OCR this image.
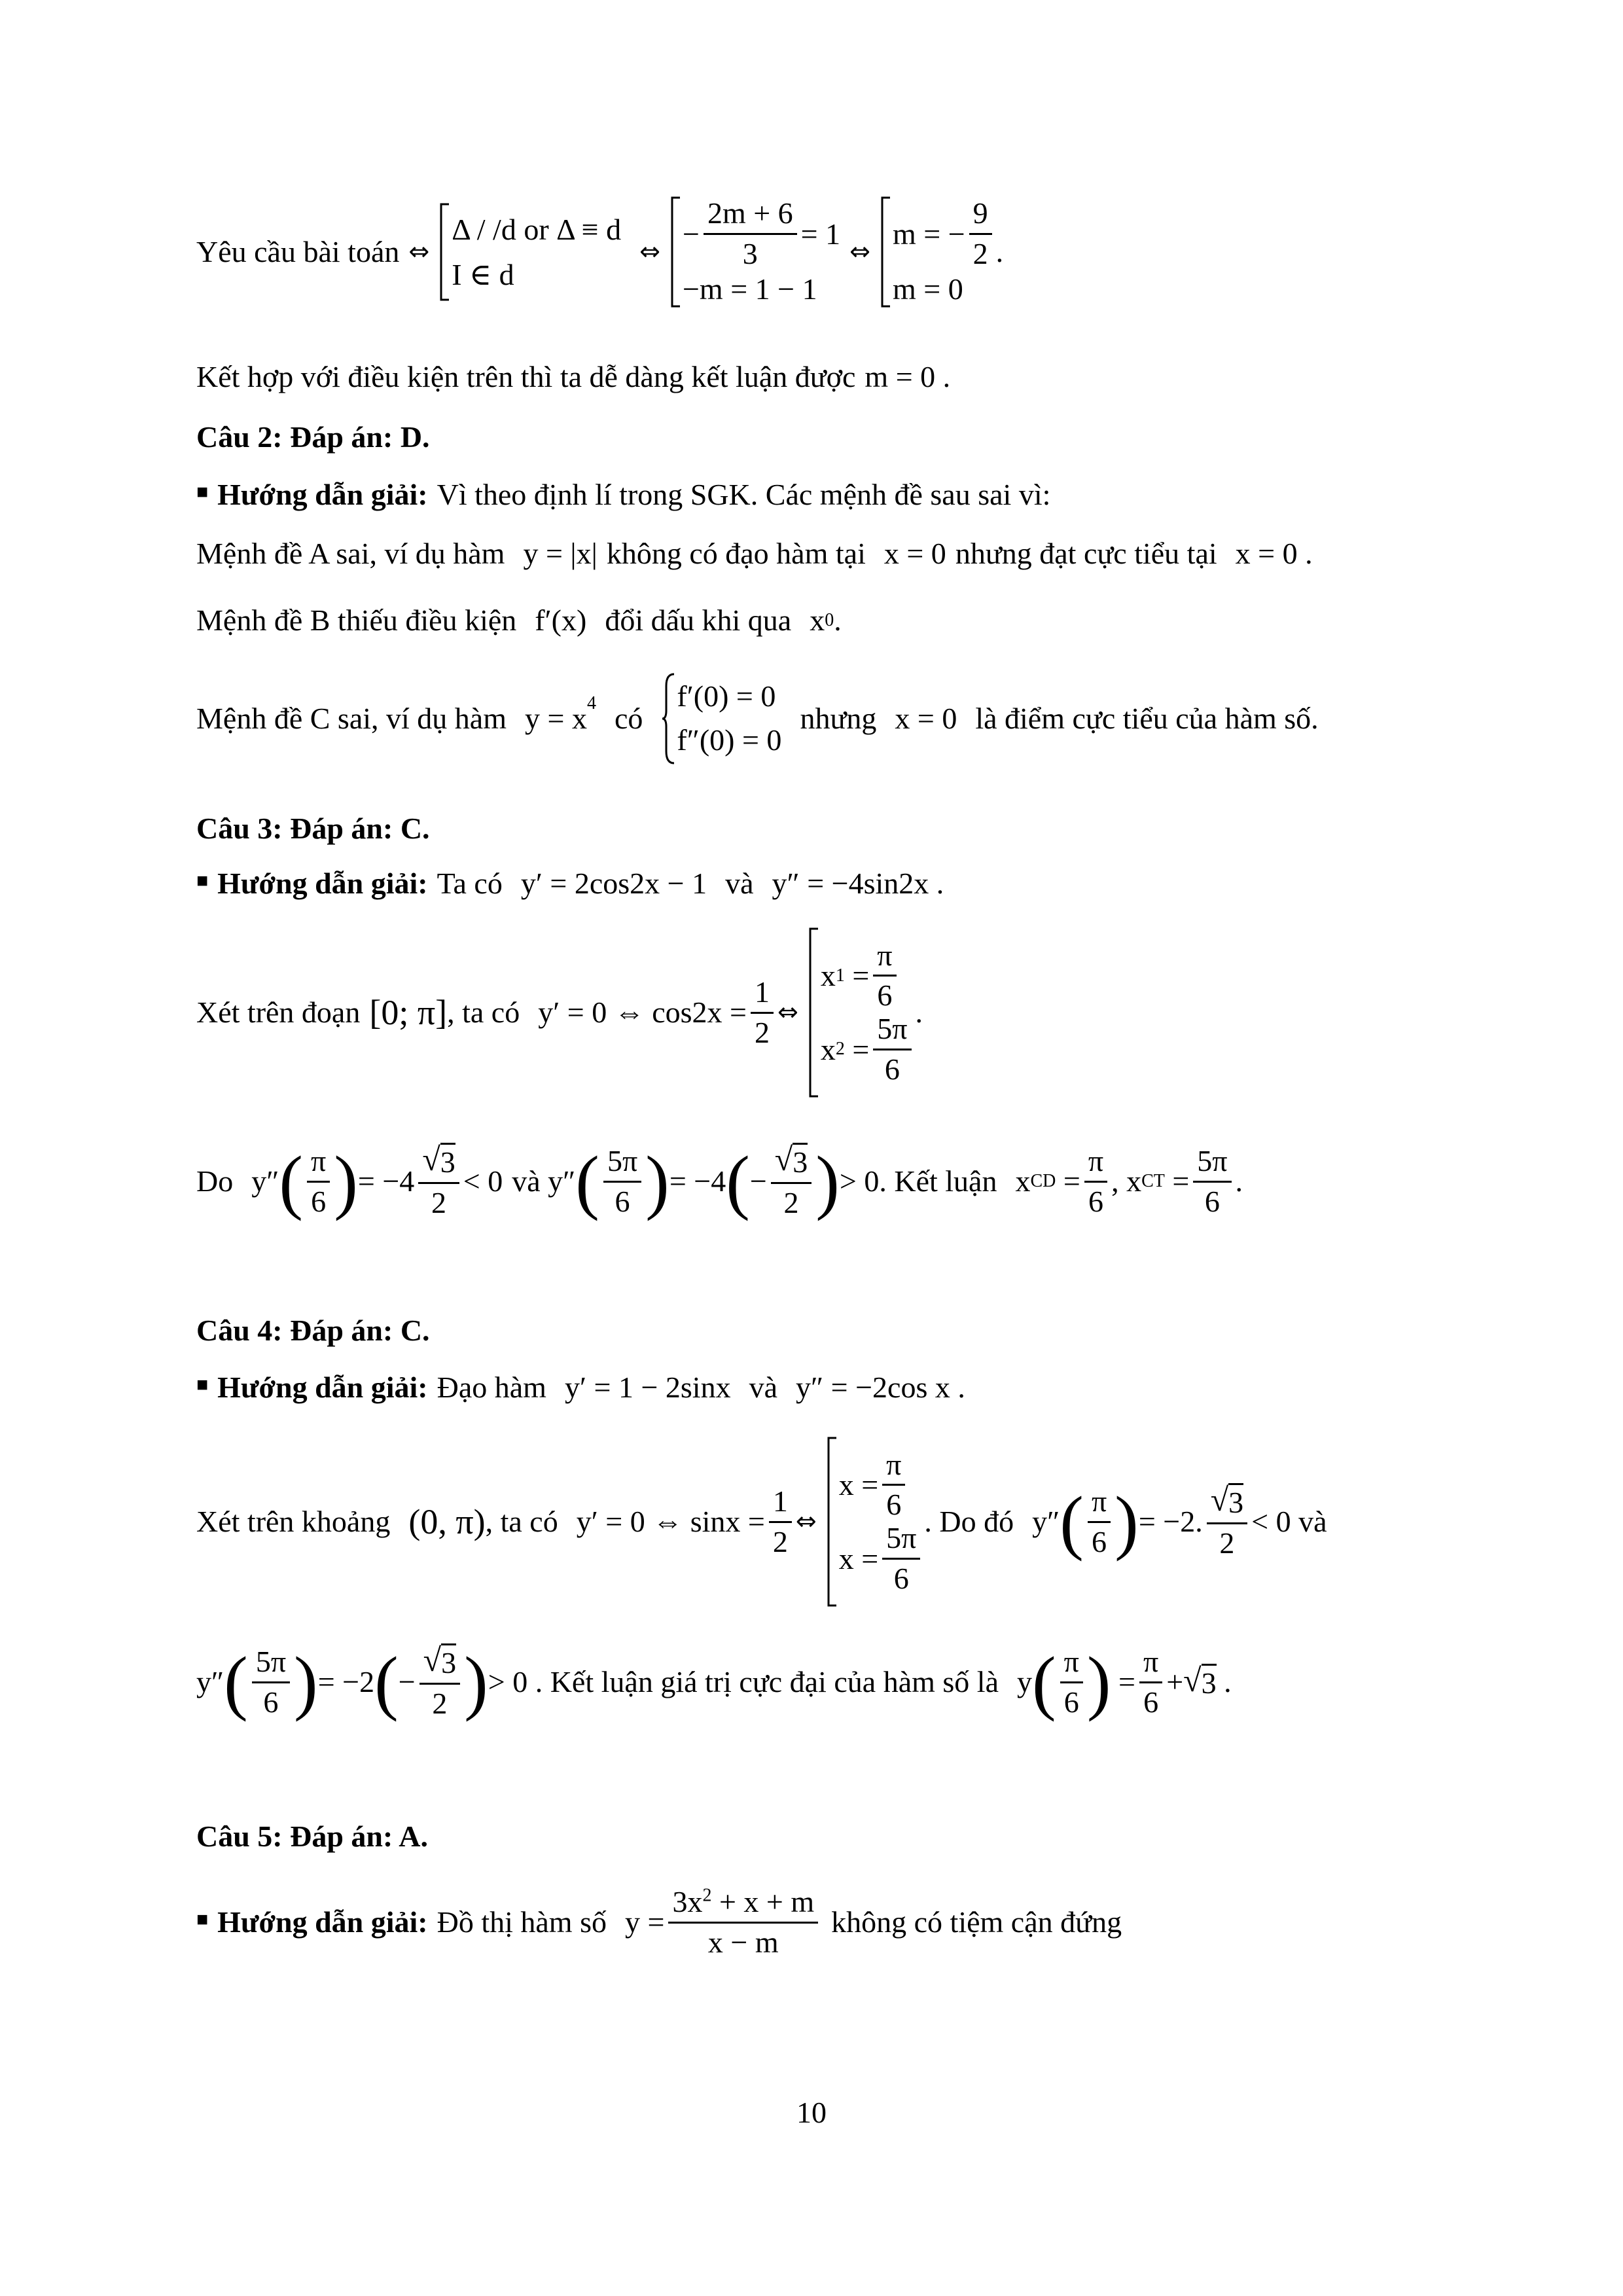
Yêu cầu bài toán ⇔
Δ / /d or Δ ≡ d
I ∈ d
⇔
− $\frac{2m + 6}{3} = 1$
−m = 1 − 1
⇔
m = − $\frac{9}{2}$
m = 0
.
Kết hợp với điều kiện trên thì ta dễ dàng kết luận được m = 0 .
Câu 2: Đáp án: D.
■ Hướng dẫn giải: Vì theo định lí trong SGK. Các mệnh đề sau sai vì:
Mệnh đề A sai, ví dụ hàm y = |x| không có đạo hàm tại x = 0 nhưng đạt cực tiểu tại x = 0 .
Mệnh đề B thiếu điều kiện f′(x) đổi dấu khi qua x 0 .
Mệnh đề C sai, ví dụ hàm $y = x^4$ có
f′(0) = 0
f″(0) = 0
nhưng x = 0 là điểm cực tiểu của hàm số.
Câu 3: Đáp án: C.
■ Hướng dẫn giải: Ta có y′ = 2cos2x − 1 và y″ = −4sin2x .
Xét trên đoạn [0; π] , ta có y′ = 0 ⇔ $\cos 2x = \frac{1}{2}$ ⇔
x $1 = \frac{\pi}{6}$
x $2 = \frac{5\pi}{6}$
.
Do y″ ( $\frac{\pi}{6}$ ) = $-4 \frac{√ 3}{2} < 0$ và y″ ( $\frac{5\pi}{6}$ ) = −4 ( − $\frac{√ 3}{2}$ ) > 0 . Kết luận x CD = $\frac{\pi}{6}$ , x CT = $\frac{5\pi}{6}$ .
Câu 4: Đáp án: C.
■ Hướng dẫn giải: Đạo hàm y′ = 1 − 2sinx và y″ = −2cos x .
Xét trên khoảng (0, π) , ta có y′ = 0 ⇔ $\sin x = \frac{1}{2}$ ⇔
$x = \frac{\pi}{6}$
$x = \frac{5\pi}{6}$
. Do đó y″ ( $\frac{\pi}{6}$ ) = −2. $\frac{√ 3}{2} < 0$ và
y″ ( $\frac{5\pi}{6}$ ) = −2 ( − $\frac{√ 3}{2}$ ) > 0 . Kết luận giá trị cực đại của hàm số là y ( $\frac{\pi}{6}$ ) = $\frac{\pi}{6}$ + √ 3
.
Câu 5: Đáp án: A.
■ Hướng dẫn giải: Đồ thị hàm số $y = \frac{3x^2 + x + m}{x - m}$ không có tiệm cận đứng
10
